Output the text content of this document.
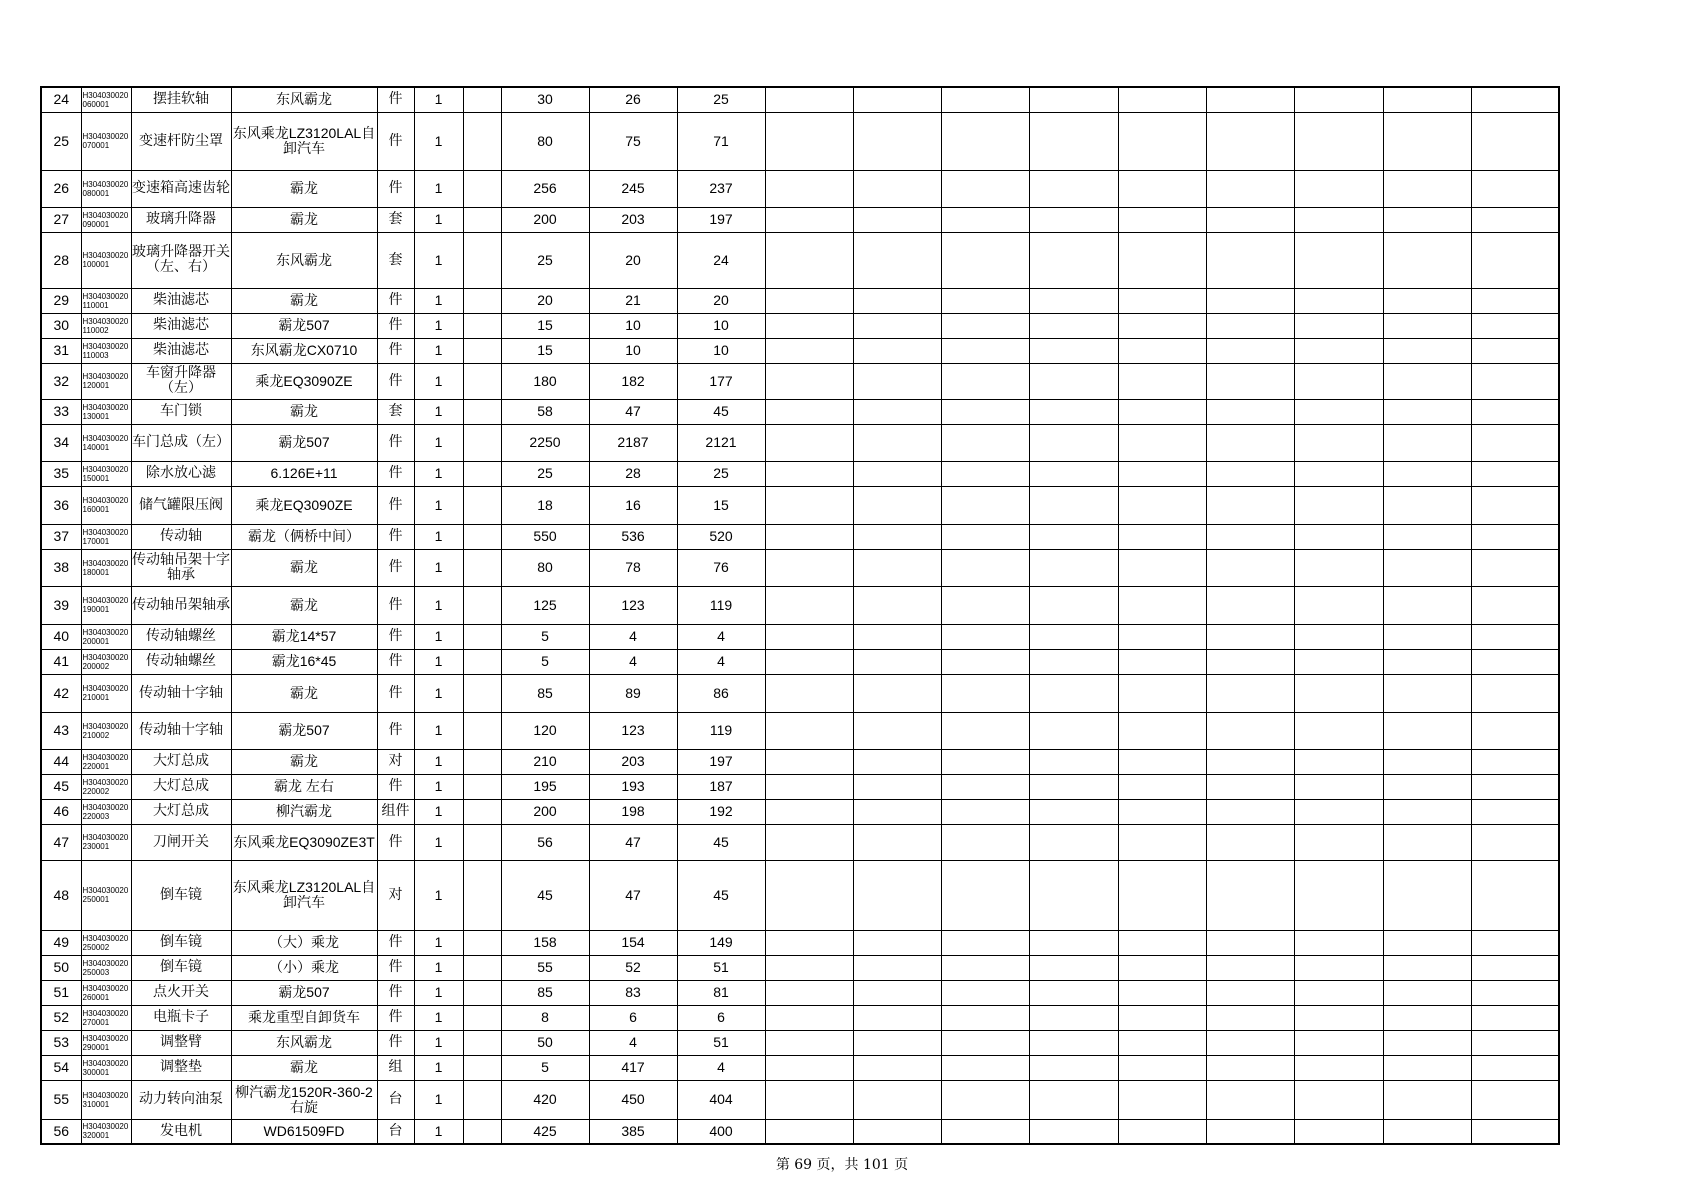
24	H304030020060001	摆挂软轴	东风霸龙	件	1		30	26	25									
25	H304030020070001	变速杆防尘罩	东风乘龙LZ3120LAL自卸汽车	件	1		80	75	71									
26	H304030020080001	变速箱高速齿轮	霸龙	件	1		256	245	237									
27	H304030020090001	玻璃升降器	霸龙	套	1		200	203	197									
28	H304030020100001	玻璃升降器开关（左、右）	东风霸龙	套	1		25	20	24									
29	H304030020110001	柴油滤芯	霸龙	件	1		20	21	20									
30	H304030020110002	柴油滤芯	霸龙507	件	1		15	10	10									
31	H304030020110003	柴油滤芯	东风霸龙CX0710	件	1		15	10	10									
32	H304030020120001	车窗升降器（左）	乘龙EQ3090ZE	件	1		180	182	177									
33	H304030020130001	车门锁	霸龙	套	1		58	47	45									
34	H304030020140001	车门总成（左）	霸龙507	件	1		2250	2187	2121									
35	H304030020150001	除水放心滤	6.126E+11	件	1		25	28	25									
36	H304030020160001	储气罐限压阀	乘龙EQ3090ZE	件	1		18	16	15									
37	H304030020170001	传动轴	霸龙（俩桥中间）	件	1		550	536	520									
38	H304030020180001	传动轴吊架十字轴承	霸龙	件	1		80	78	76									
39	H304030020190001	传动轴吊架轴承	霸龙	件	1		125	123	119									
40	H304030020200001	传动轴螺丝	霸龙14*57	件	1		5	4	4									
41	H304030020200002	传动轴螺丝	霸龙16*45	件	1		5	4	4									
42	H304030020210001	传动轴十字轴	霸龙	件	1		85	89	86									
43	H304030020210002	传动轴十字轴	霸龙507	件	1		120	123	119									
44	H304030020220001	大灯总成	霸龙	对	1		210	203	197									
45	H304030020220002	大灯总成	霸龙 左右	件	1		195	193	187									
46	H304030020220003	大灯总成	柳汽霸龙	组件	1		200	198	192									
47	H304030020230001	刀闸开关	东风乘龙EQ3090ZE3T	件	1		56	47	45									
48	H304030020250001	倒车镜	东风乘龙LZ3120LAL自卸汽车	对	1		45	47	45									
49	H304030020250002	倒车镜	（大）乘龙	件	1		158	154	149									
50	H304030020250003	倒车镜	（小）乘龙	件	1		55	52	51									
51	H304030020260001	点火开关	霸龙507	件	1		85	83	81									
52	H304030020270001	电瓶卡子	乘龙重型自卸货车	件	1		8	6	6									
53	H304030020290001	调整臂	东风霸龙	件	1		50	4	51									
54	H304030020300001	调整垫	霸龙	组	1		5	417	4									
55	H304030020310001	动力转向油泵	柳汽霸龙1520R-360-2右旋	台	1		420	450	404									
56	H304030020320001	发电机	WD61509FD	台	1		425	385	400									
第 69 页，共 101 页
